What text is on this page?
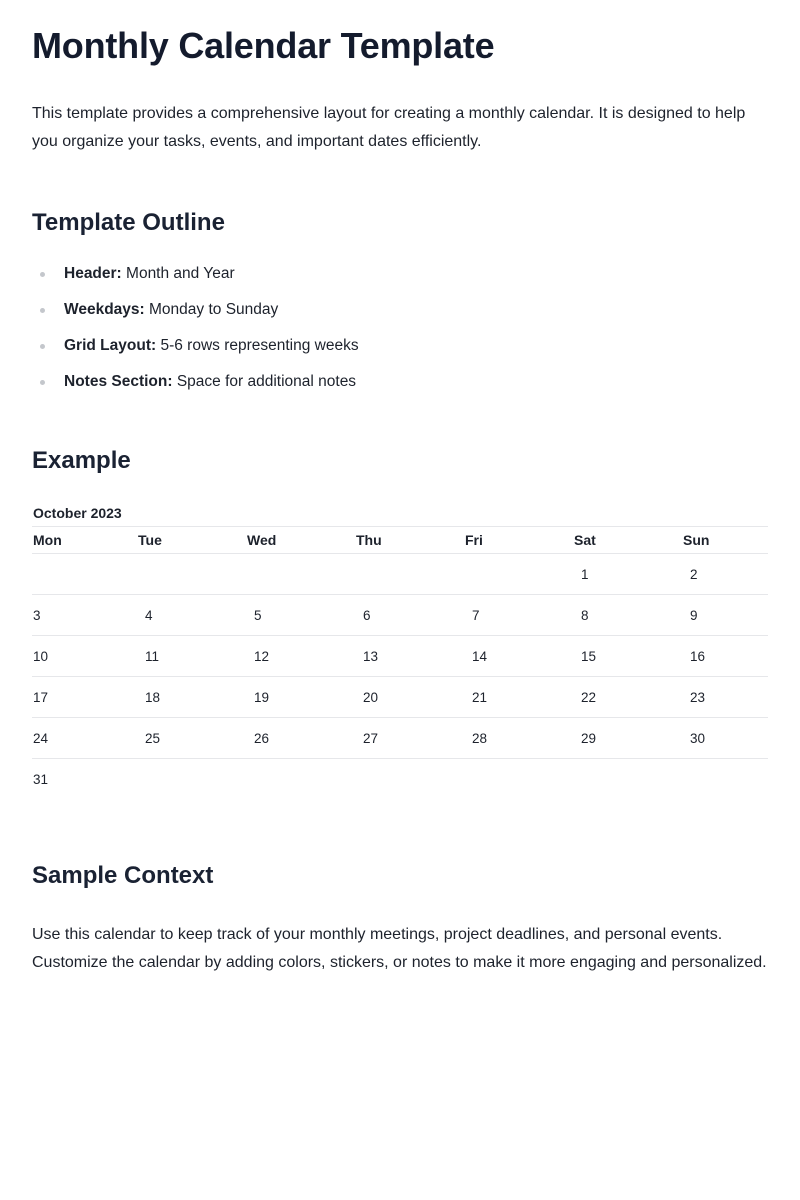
Monthly Calendar Template

This template provides a comprehensive layout for creating a monthly calendar. It is designed to help you organize your tasks, events, and important dates efficiently.

Template Outline
Header: Month and Year
Weekdays: Monday to Sunday
Grid Layout: 5-6 rows representing weeks
Notes Section: Space for additional notes
Example
October 2023
Mon	Tue	Wed	Thu	Fri	Sat	Sun
					1	2
3	4	5	6	7	8	9
10	11	12	13	14	15	16
17	18	19	20	21	22	23
24	25	26	27	28	29	30
31						
Sample Context

Use this calendar to keep track of your monthly meetings, project deadlines, and personal events. Customize the calendar by adding colors, stickers, or notes to make it more engaging and personalized.
